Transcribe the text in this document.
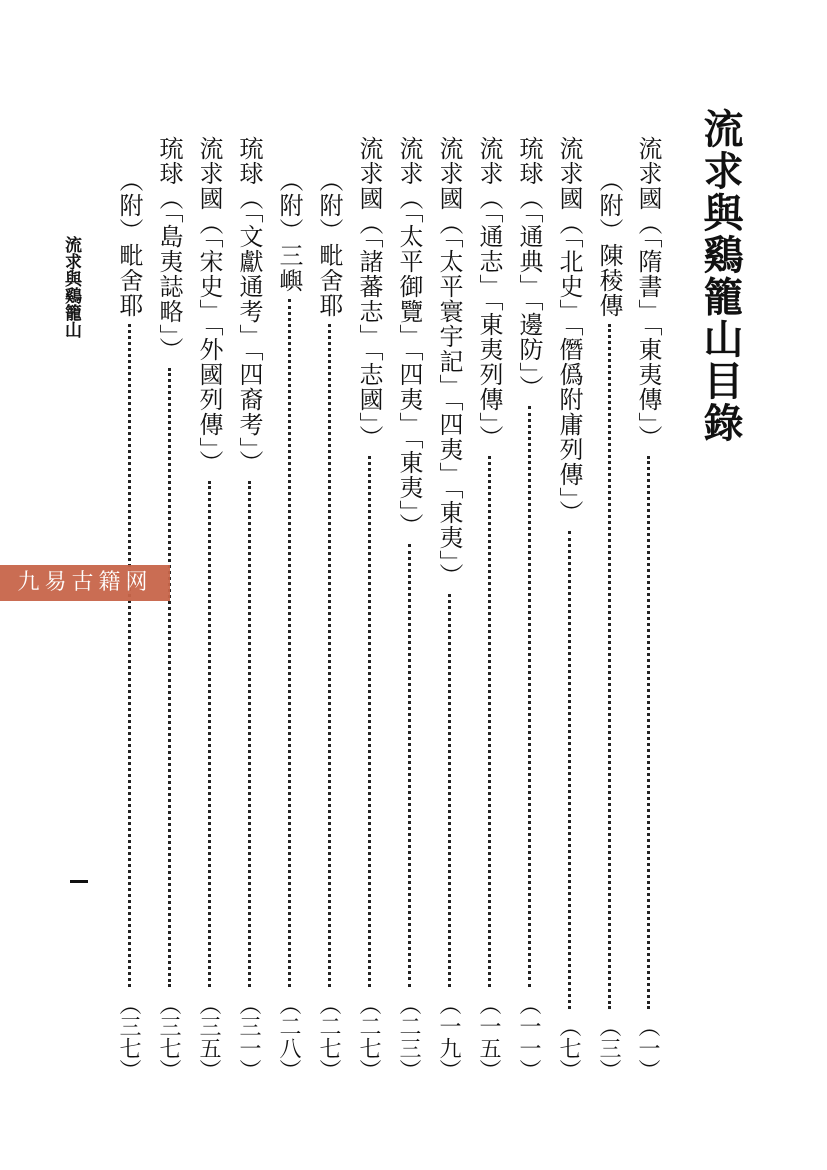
流求與鷄籠山目錄
流求國（「隋書」「東夷傳」）
（一）
（附）陳稜傳
（三）
流求國（「北史」「僭僞附庸列傳」）
（七）
琉球（「通典」「邊防」）
（一一）
流求（「通志」「東夷列傳」）
（一五）
流求國（「太平寰宇記」「四夷」「東夷」）
（一九）
流求（「太平御覽」「四夷」「東夷」）
（二三）
流求國（「諸蕃志」「志國」）
（二七）
（附）毗舍耶
（二七）
（附）三嶼
（二八）
琉球（「文獻通考」「四裔考」）
（三一）
流求國（「宋史」「外國列傳」）
（三五）
琉球（「島夷誌略」）
（三七）
（附）毗舍耶
（三七）
流求與鷄籠山
九易古籍网
